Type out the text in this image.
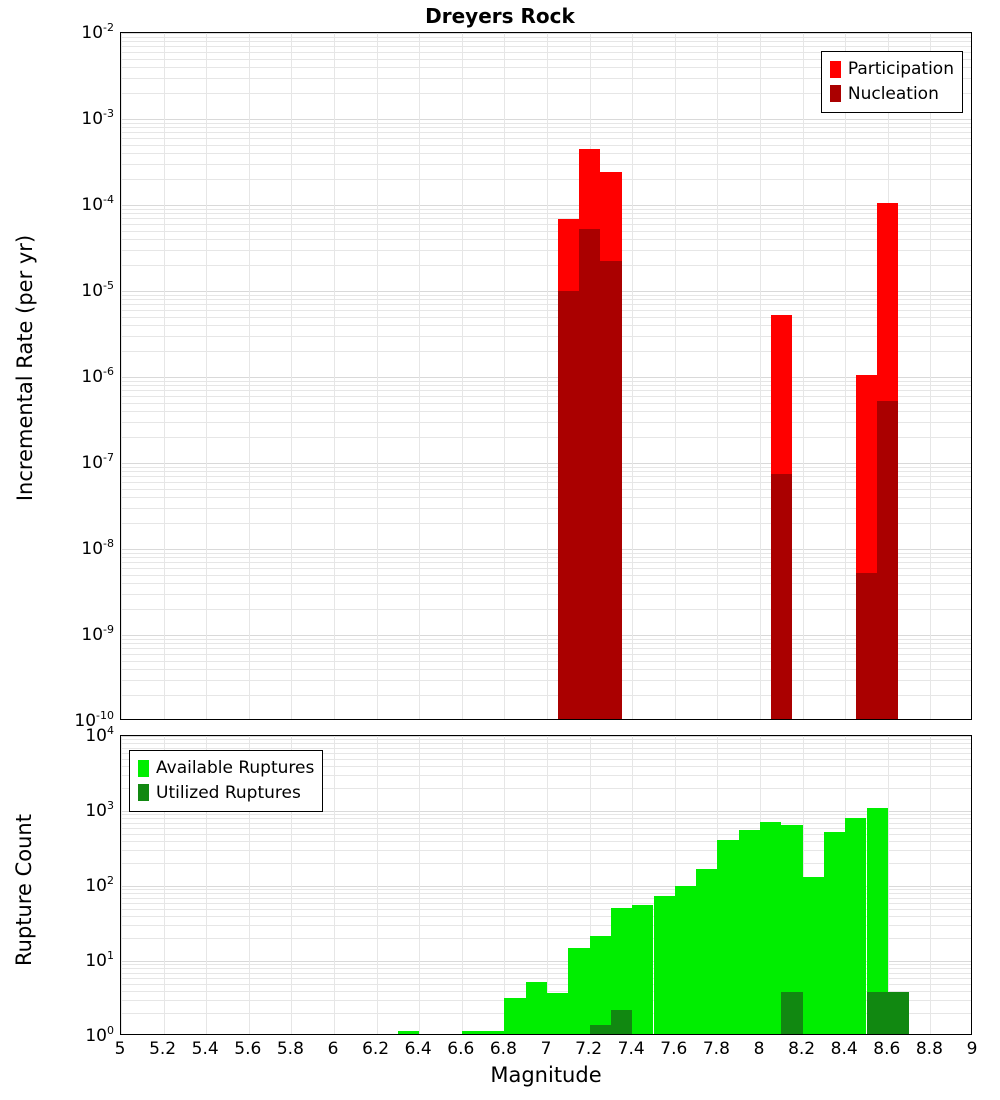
Dreyers Rock
Participation
Nucleation
$10^{-10}$
$10^{-9}$
$10^{-8}$
$10^{-7}$
$10^{-6}$
$10^{-5}$
$10^{-4}$
$10^{-3}$
$10^{-2}$
Incremental Rate (per yr)
Available Ruptures
Utilized Ruptures
$10^0$
$10^1$
$10^2$
$10^3$
$10^4$
Rupture Count
5 5.2 5.4 5.6 5.8 6 6.2 6.4 6.6 6.8 7 7.2 7.4 7.6 7.8 8 8.2 8.4 8.6 8.8 9
Magnitude
